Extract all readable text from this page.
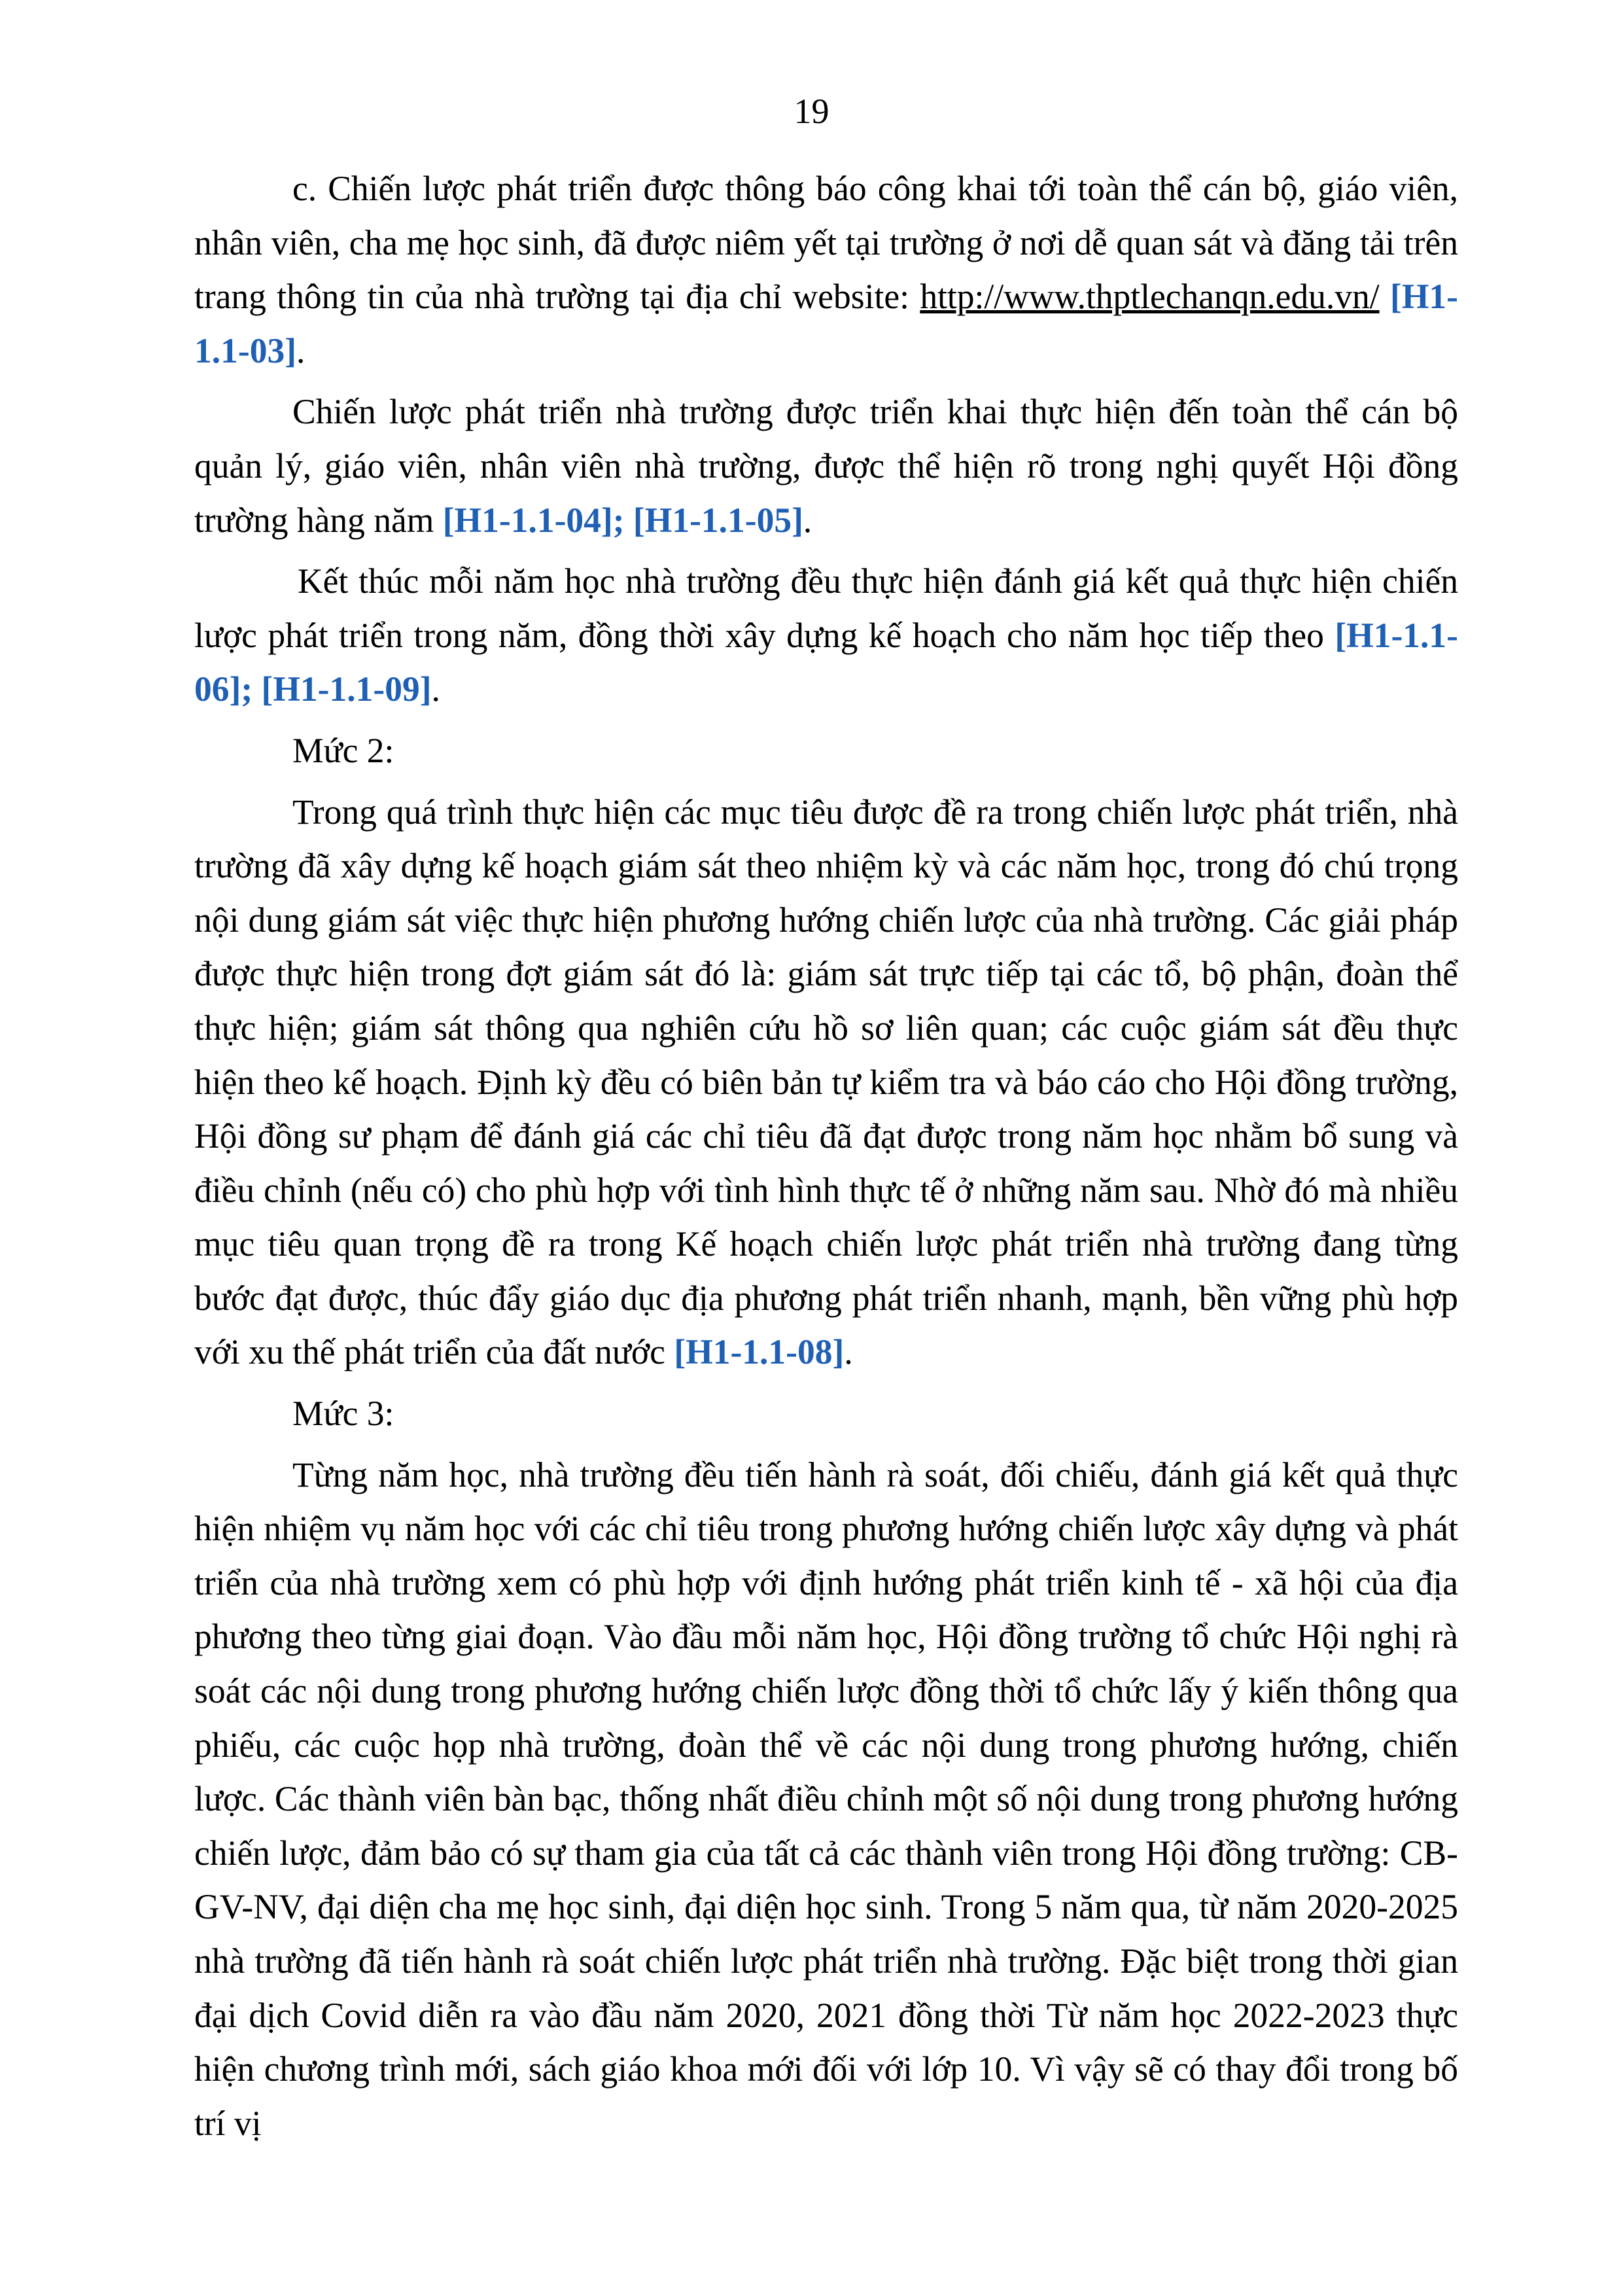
19

c. Chiến lược phát triển được thông báo công khai tới toàn thể cán bộ, giáo viên, nhân viên, cha mẹ học sinh, đã được niêm yết tại trường ở nơi dễ quan sát và đăng tải trên trang thông tin của nhà trường tại địa chỉ website: http://www.thptlechanqn.edu.vn/ [H1-1.1-03].

Chiến lược phát triển nhà trường được triển khai thực hiện đến toàn thể cán bộ quản lý, giáo viên, nhân viên nhà trường, được thể hiện rõ trong nghị quyết Hội đồng trường hàng năm [H1-1.1-04]; [H1-1.1-05].

Kết thúc mỗi năm học nhà trường đều thực hiện đánh giá kết quả thực hiện chiến lược phát triển trong năm, đồng thời xây dựng kế hoạch cho năm học tiếp theo [H1-1.1-06]; [H1-1.1-09].

Mức 2:

Trong quá trình thực hiện các mục tiêu được đề ra trong chiến lược phát triển, nhà trường đã xây dựng kế hoạch giám sát theo nhiệm kỳ và các năm học, trong đó chú trọng nội dung giám sát việc thực hiện phương hướng chiến lược của nhà trường. Các giải pháp được thực hiện trong đợt giám sát đó là: giám sát trực tiếp tại các tổ, bộ phận, đoàn thể thực hiện; giám sát thông qua nghiên cứu hồ sơ liên quan; các cuộc giám sát đều thực hiện theo kế hoạch. Định kỳ đều có biên bản tự kiểm tra và báo cáo cho Hội đồng trường, Hội đồng sư phạm để đánh giá các chỉ tiêu đã đạt được trong năm học nhằm bổ sung và điều chỉnh (nếu có) cho phù hợp với tình hình thực tế ở những năm sau. Nhờ đó mà nhiều mục tiêu quan trọng đề ra trong Kế hoạch chiến lược phát triển nhà trường đang từng bước đạt được, thúc đẩy giáo dục địa phương phát triển nhanh, mạnh, bền vững phù hợp với xu thế phát triển của đất nước [H1-1.1-08].

Mức 3:

Từng năm học, nhà trường đều tiến hành rà soát, đối chiếu, đánh giá kết quả thực hiện nhiệm vụ năm học với các chỉ tiêu trong phương hướng chiến lược xây dựng và phát triển của nhà trường xem có phù hợp với định hướng phát triển kinh tế - xã hội của địa phương theo từng giai đoạn. Vào đầu mỗi năm học, Hội đồng trường tổ chức Hội nghị rà soát các nội dung trong phương hướng chiến lược đồng thời tổ chức lấy ý kiến thông qua phiếu, các cuộc họp nhà trường, đoàn thể về các nội dung trong phương hướng, chiến lược. Các thành viên bàn bạc, thống nhất điều chỉnh một số nội dung trong phương hướng chiến lược, đảm bảo có sự tham gia của tất cả các thành viên trong Hội đồng trường: CB-GV-NV, đại diện cha mẹ học sinh, đại diện học sinh. Trong 5 năm qua, từ năm 2020-2025 nhà trường đã tiến hành rà soát chiến lược phát triển nhà trường. Đặc biệt trong thời gian đại dịch Covid diễn ra vào đầu năm 2020, 2021 đồng thời Từ năm học 2022-2023 thực hiện chương trình mới, sách giáo khoa mới đối với lớp 10. Vì vậy sẽ có thay đổi trong bố trí vị
